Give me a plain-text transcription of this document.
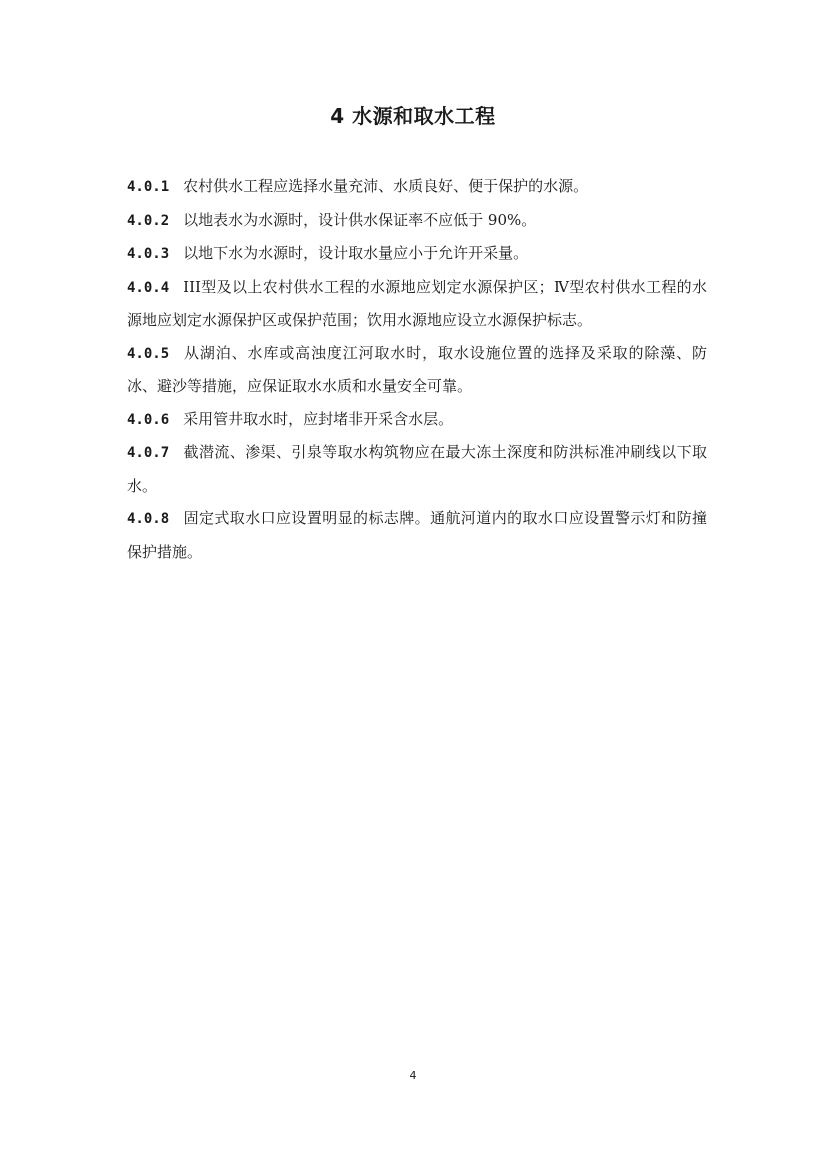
4 水源和取水工程

4.0.1 农村供水工程应选择水量充沛、水质良好、便于保护的水源。

4.0.2 以地表水为水源时，设计供水保证率不应低于 90%。

4.0.3 以地下水为水源时，设计取水量应小于允许开采量。

4.0.4 III型及以上农村供水工程的水源地应划定水源保护区；Ⅳ型农村供水工程的水源地应划定水源保护区或保护范围；饮用水源地应设立水源保护标志。

4.0.5 从湖泊、水库或高浊度江河取水时，取水设施位置的选择及采取的除藻、防冰、避沙等措施，应保证取水水质和水量安全可靠。

4.0.6 采用管井取水时，应封堵非开采含水层。

4.0.7 截潜流、渗渠、引泉等取水构筑物应在最大冻土深度和防洪标准冲刷线以下取水。

4.0.8 固定式取水口应设置明显的标志牌。通航河道内的取水口应设置警示灯和防撞保护措施。

4
